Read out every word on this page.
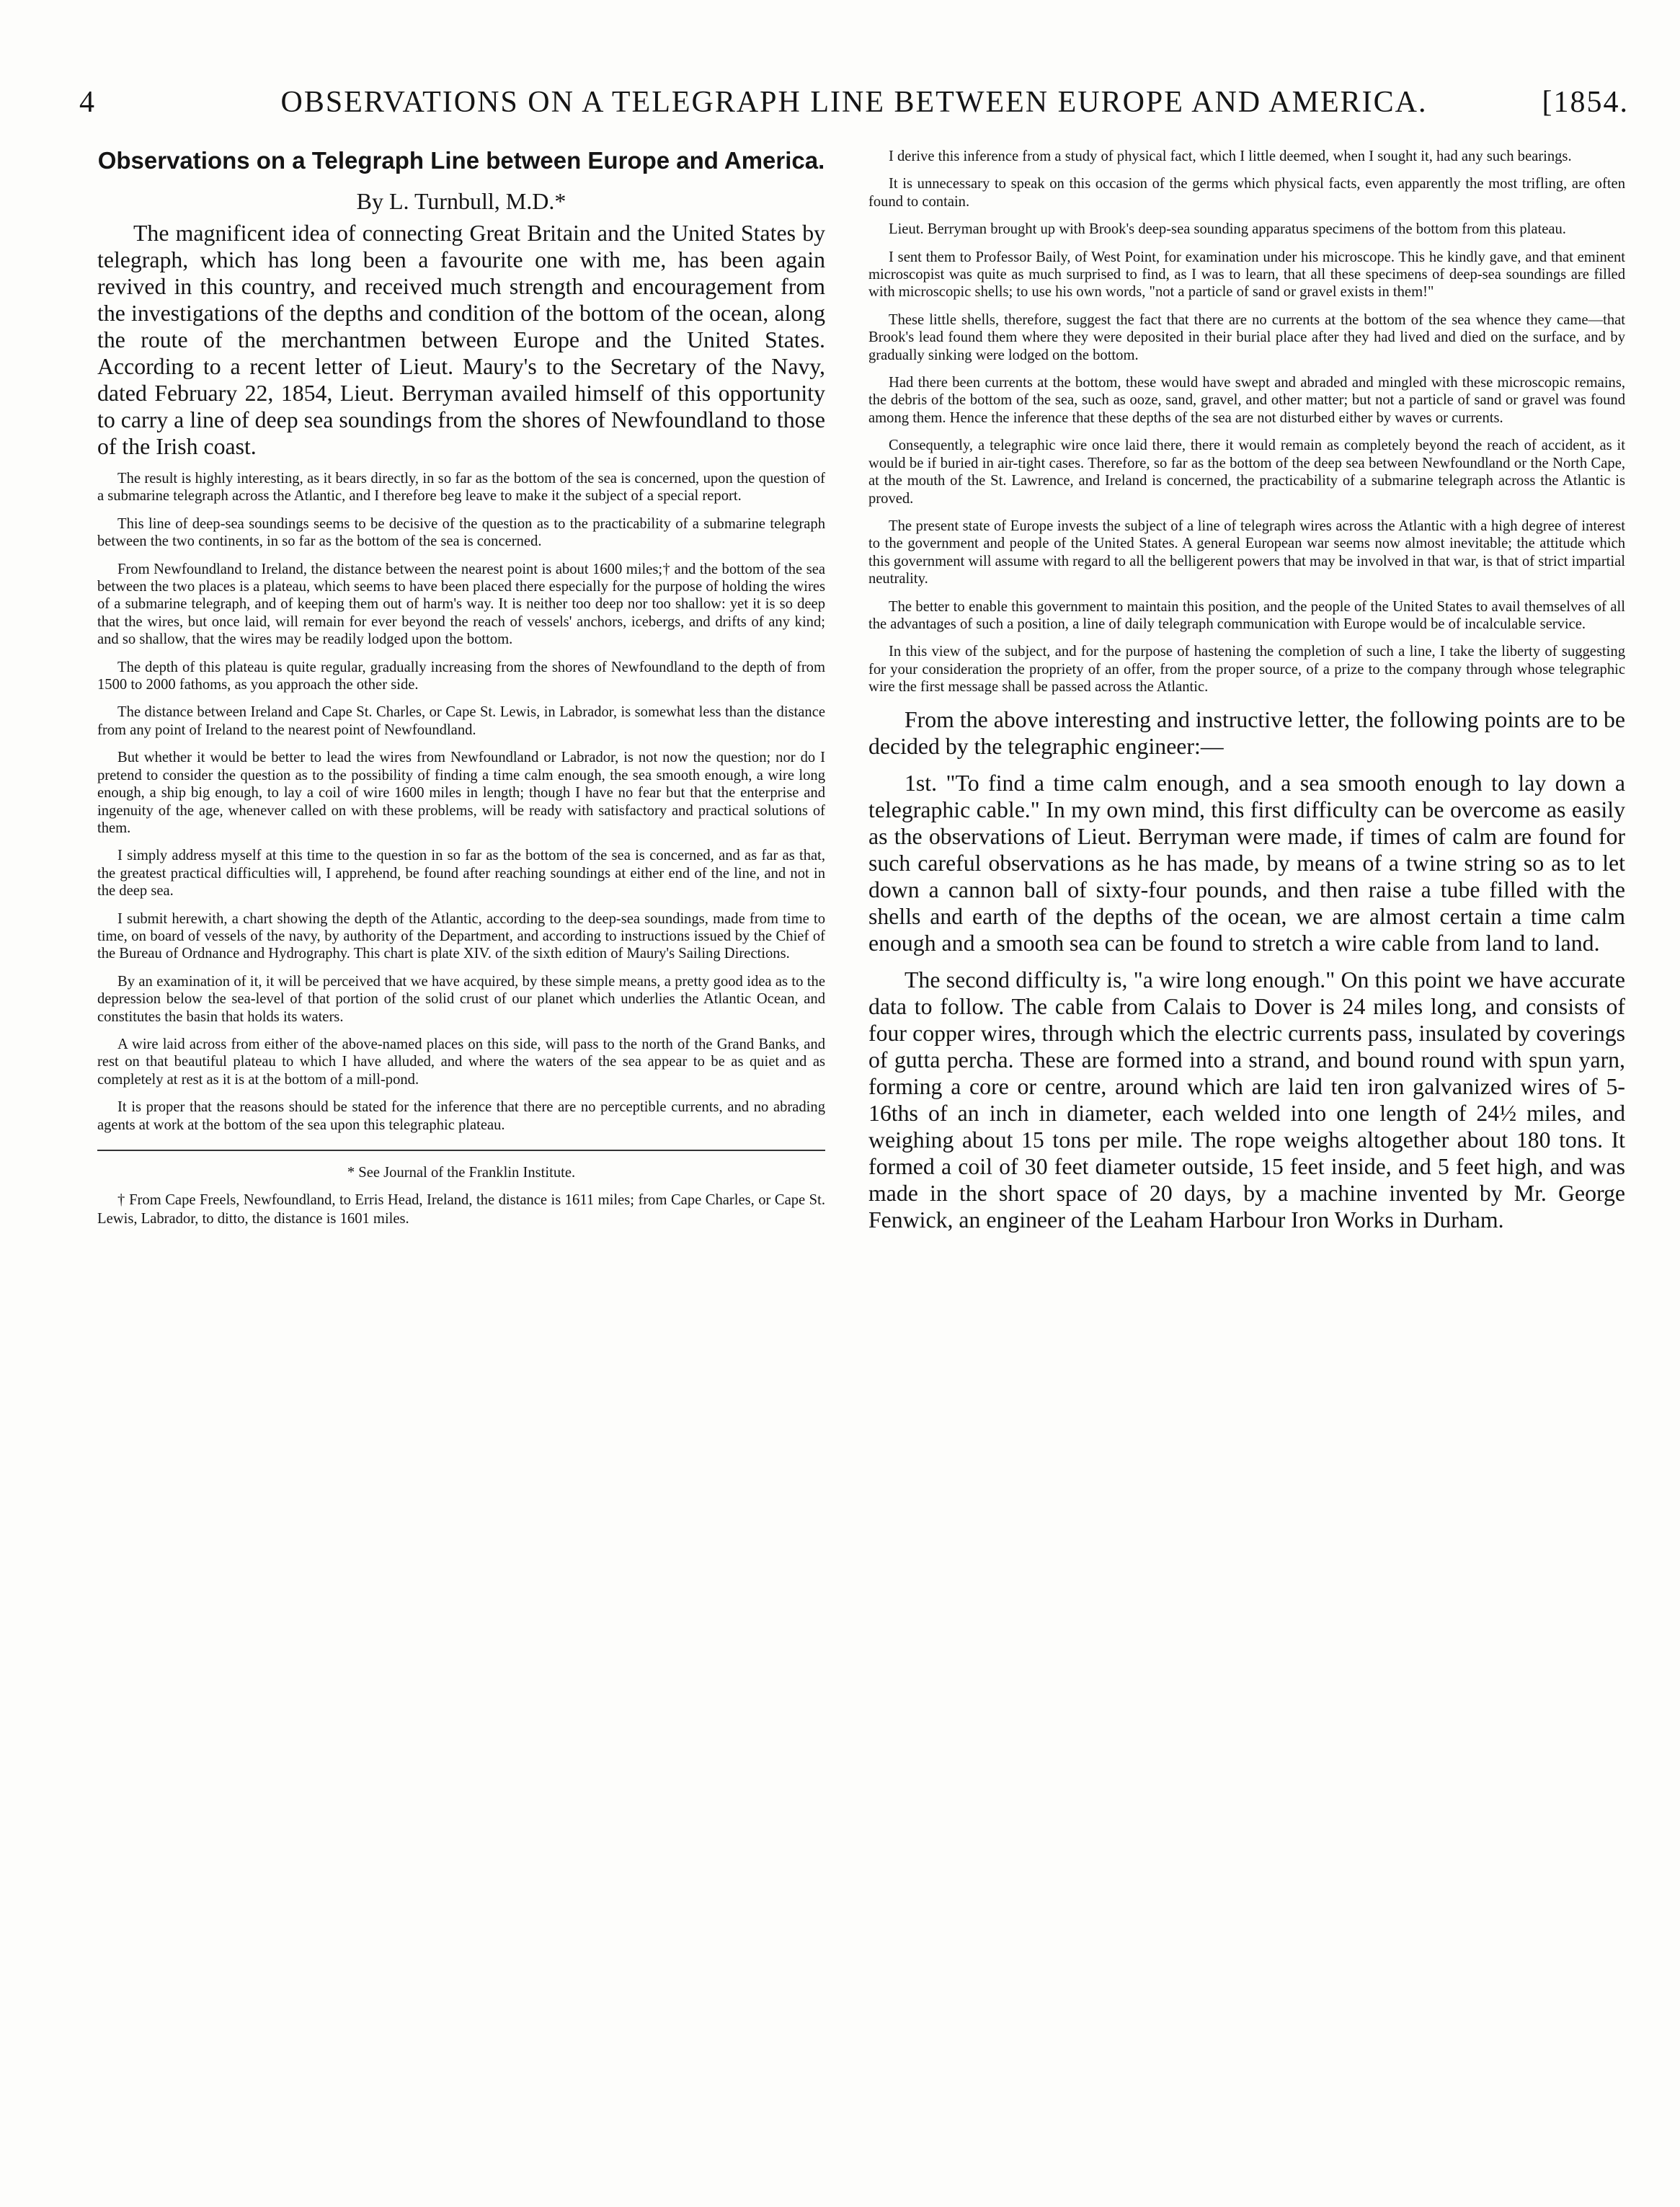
4	OBSERVATIONS ON A TELEGRAPH LINE BETWEEN EUROPE AND AMERICA.	[1854.
Observations on a Telegraph Line between Europe and America.
By L. Turnbull, M.D.*

The magnificent idea of connecting Great Britain and the United States by telegraph, which has long been a favourite one with me, has been again revived in this country, and received much strength and encouragement from the investigations of the depths and condition of the bottom of the ocean, along the route of the merchantmen between Europe and the United States. According to a recent letter of Lieut. Maury's to the Secretary of the Navy, dated February 22, 1854, Lieut. Berryman availed himself of this opportunity to carry a line of deep sea soundings from the shores of Newfoundland to those of the Irish coast.

The result is highly interesting, as it bears directly, in so far as the bottom of the sea is concerned, upon the question of a submarine telegraph across the Atlantic, and I therefore beg leave to make it the subject of a special report.

This line of deep-sea soundings seems to be decisive of the question as to the practicability of a submarine telegraph between the two continents, in so far as the bottom of the sea is concerned.

From Newfoundland to Ireland, the distance between the nearest point is about 1600 miles;† and the bottom of the sea between the two places is a plateau, which seems to have been placed there especially for the purpose of holding the wires of a submarine telegraph, and of keeping them out of harm's way. It is neither too deep nor too shallow: yet it is so deep that the wires, but once laid, will remain for ever beyond the reach of vessels' anchors, icebergs, and drifts of any kind; and so shallow, that the wires may be readily lodged upon the bottom.

The depth of this plateau is quite regular, gradually increasing from the shores of Newfoundland to the depth of from 1500 to 2000 fathoms, as you approach the other side.

The distance between Ireland and Cape St. Charles, or Cape St. Lewis, in Labrador, is somewhat less than the distance from any point of Ireland to the nearest point of Newfoundland.

But whether it would be better to lead the wires from Newfoundland or Labrador, is not now the question; nor do I pretend to consider the question as to the possibility of finding a time calm enough, the sea smooth enough, a wire long enough, a ship big enough, to lay a coil of wire 1600 miles in length; though I have no fear but that the enterprise and ingenuity of the age, whenever called on with these problems, will be ready with satisfactory and practical solutions of them.

I simply address myself at this time to the question in so far as the bottom of the sea is concerned, and as far as that, the greatest practical difficulties will, I apprehend, be found after reaching soundings at either end of the line, and not in the deep sea.

I submit herewith, a chart showing the depth of the Atlantic, according to the deep-sea soundings, made from time to time, on board of vessels of the navy, by authority of the Department, and according to instructions issued by the Chief of the Bureau of Ordnance and Hydrography. This chart is plate XIV. of the sixth edition of Maury's Sailing Directions.

By an examination of it, it will be perceived that we have acquired, by these simple means, a pretty good idea as to the depression below the sea-level of that portion of the solid crust of our planet which underlies the Atlantic Ocean, and constitutes the basin that holds its waters.

A wire laid across from either of the above-named places on this side, will pass to the north of the Grand Banks, and rest on that beautiful plateau to which I have alluded, and where the waters of the sea appear to be as quiet and as completely at rest as it is at the bottom of a mill-pond.

It is proper that the reasons should be stated for the inference that there are no perceptible currents, and no abrading agents at work at the bottom of the sea upon this telegraphic plateau.

* See Journal of the Franklin Institute.

† From Cape Freels, Newfoundland, to Erris Head, Ireland, the distance is 1611 miles; from Cape Charles, or Cape St. Lewis, Labrador, to ditto, the distance is 1601 miles.

I derive this inference from a study of physical fact, which I little deemed, when I sought it, had any such bearings.

It is unnecessary to speak on this occasion of the germs which physical facts, even apparently the most trifling, are often found to contain.

Lieut. Berryman brought up with Brook's deep-sea sounding apparatus specimens of the bottom from this plateau.

I sent them to Professor Baily, of West Point, for examination under his microscope. This he kindly gave, and that eminent microscopist was quite as much surprised to find, as I was to learn, that all these specimens of deep-sea soundings are filled with microscopic shells; to use his own words, "not a particle of sand or gravel exists in them!"

These little shells, therefore, suggest the fact that there are no currents at the bottom of the sea whence they came—that Brook's lead found them where they were deposited in their burial place after they had lived and died on the surface, and by gradually sinking were lodged on the bottom.

Had there been currents at the bottom, these would have swept and abraded and mingled with these microscopic remains, the debris of the bottom of the sea, such as ooze, sand, gravel, and other matter; but not a particle of sand or gravel was found among them. Hence the inference that these depths of the sea are not disturbed either by waves or currents.

Consequently, a telegraphic wire once laid there, there it would remain as completely beyond the reach of accident, as it would be if buried in air-tight cases. Therefore, so far as the bottom of the deep sea between Newfoundland or the North Cape, at the mouth of the St. Lawrence, and Ireland is concerned, the practicability of a submarine telegraph across the Atlantic is proved.

The present state of Europe invests the subject of a line of telegraph wires across the Atlantic with a high degree of interest to the government and people of the United States. A general European war seems now almost inevitable; the attitude which this government will assume with regard to all the belligerent powers that may be involved in that war, is that of strict impartial neutrality.

The better to enable this government to maintain this position, and the people of the United States to avail themselves of all the advantages of such a position, a line of daily telegraph communication with Europe would be of incalculable service.

In this view of the subject, and for the purpose of hastening the completion of such a line, I take the liberty of suggesting for your consideration the propriety of an offer, from the proper source, of a prize to the company through whose telegraphic wire the first message shall be passed across the Atlantic.

From the above interesting and instructive letter, the following points are to be decided by the telegraphic engineer:—

1st. "To find a time calm enough, and a sea smooth enough to lay down a telegraphic cable." In my own mind, this first difficulty can be overcome as easily as the observations of Lieut. Berryman were made, if times of calm are found for such careful observations as he has made, by means of a twine string so as to let down a cannon ball of sixty-four pounds, and then raise a tube filled with the shells and earth of the depths of the ocean, we are almost certain a time calm enough and a smooth sea can be found to stretch a wire cable from land to land.

The second difficulty is, "a wire long enough." On this point we have accurate data to follow. The cable from Calais to Dover is 24 miles long, and consists of four copper wires, through which the electric currents pass, insulated by coverings of gutta percha. These are formed into a strand, and bound round with spun yarn, forming a core or centre, around which are laid ten iron galvanized wires of 5-16ths of an inch in diameter, each welded into one length of 24½ miles, and weighing about 15 tons per mile. The rope weighs altogether about 180 tons. It formed a coil of 30 feet diameter outside, 15 feet inside, and 5 feet high, and was made in the short space of 20 days, by a machine invented by Mr. George Fenwick, an engineer of the Leaham Harbour Iron Works in Durham.
